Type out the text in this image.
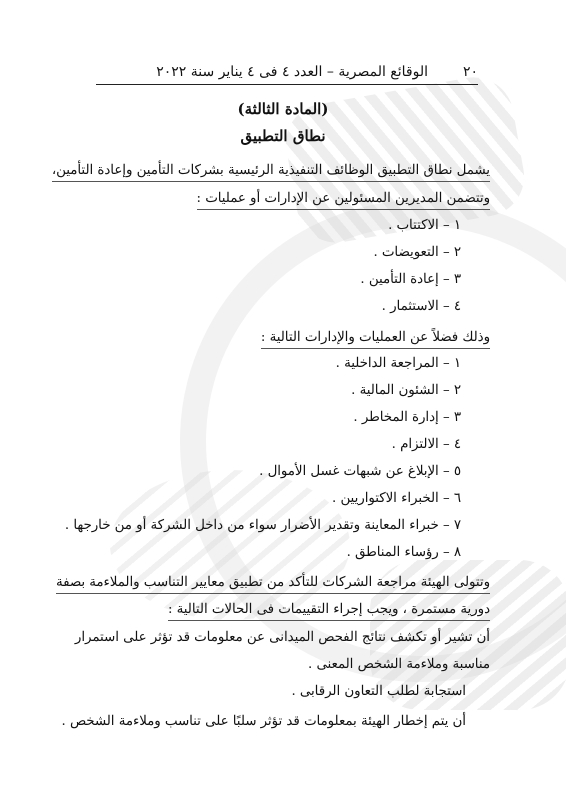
٢٠
الوقائع المصرية – العدد ٤ فى ٤ يناير سنة ٢٠٢٢
(المادة الثالثة)
نطاق التطبيق
يشمل نطاق التطبيق الوظائف التنفيذية الرئيسية بشركات التأمين وإعادة التأمين،
وتتضمن المديرين المسئولين عن الإدارات أو عمليات :
١ – الاكتتاب .
٢ – التعويضات .
٣ – إعادة التأمين .
٤ – الاستثمار .
وذلك فضلاً عن العمليات والإدارات التالية :
١ – المراجعة الداخلية .
٢ – الشئون المالية .
٣ – إدارة المخاطر .
٤ – الالتزام .
٥ – الإبلاغ عن شبهات غسل الأموال .
٦ – الخبراء الاكتواريين .
٧ – خبراء المعاينة وتقدير الأضرار سواء من داخل الشركة أو من خارجها .
٨ – رؤساء المناطق .
وتتولى الهيئة مراجعة الشركات للتأكد من تطبيق معايير التناسب والملاءمة بصفة
دورية مستمرة ، ويجب إجراء التقييمات فى الحالات التالية :
أن تشير أو تكشف نتائج الفحص الميدانى عن معلومات قد تؤثر على استمرار
مناسبة وملاءمة الشخص المعنى .
استجابة لطلب التعاون الرقابى .
أن يتم إخطار الهيئة بمعلومات قد تؤثر سلبًا على تناسب وملاءمة الشخص .
